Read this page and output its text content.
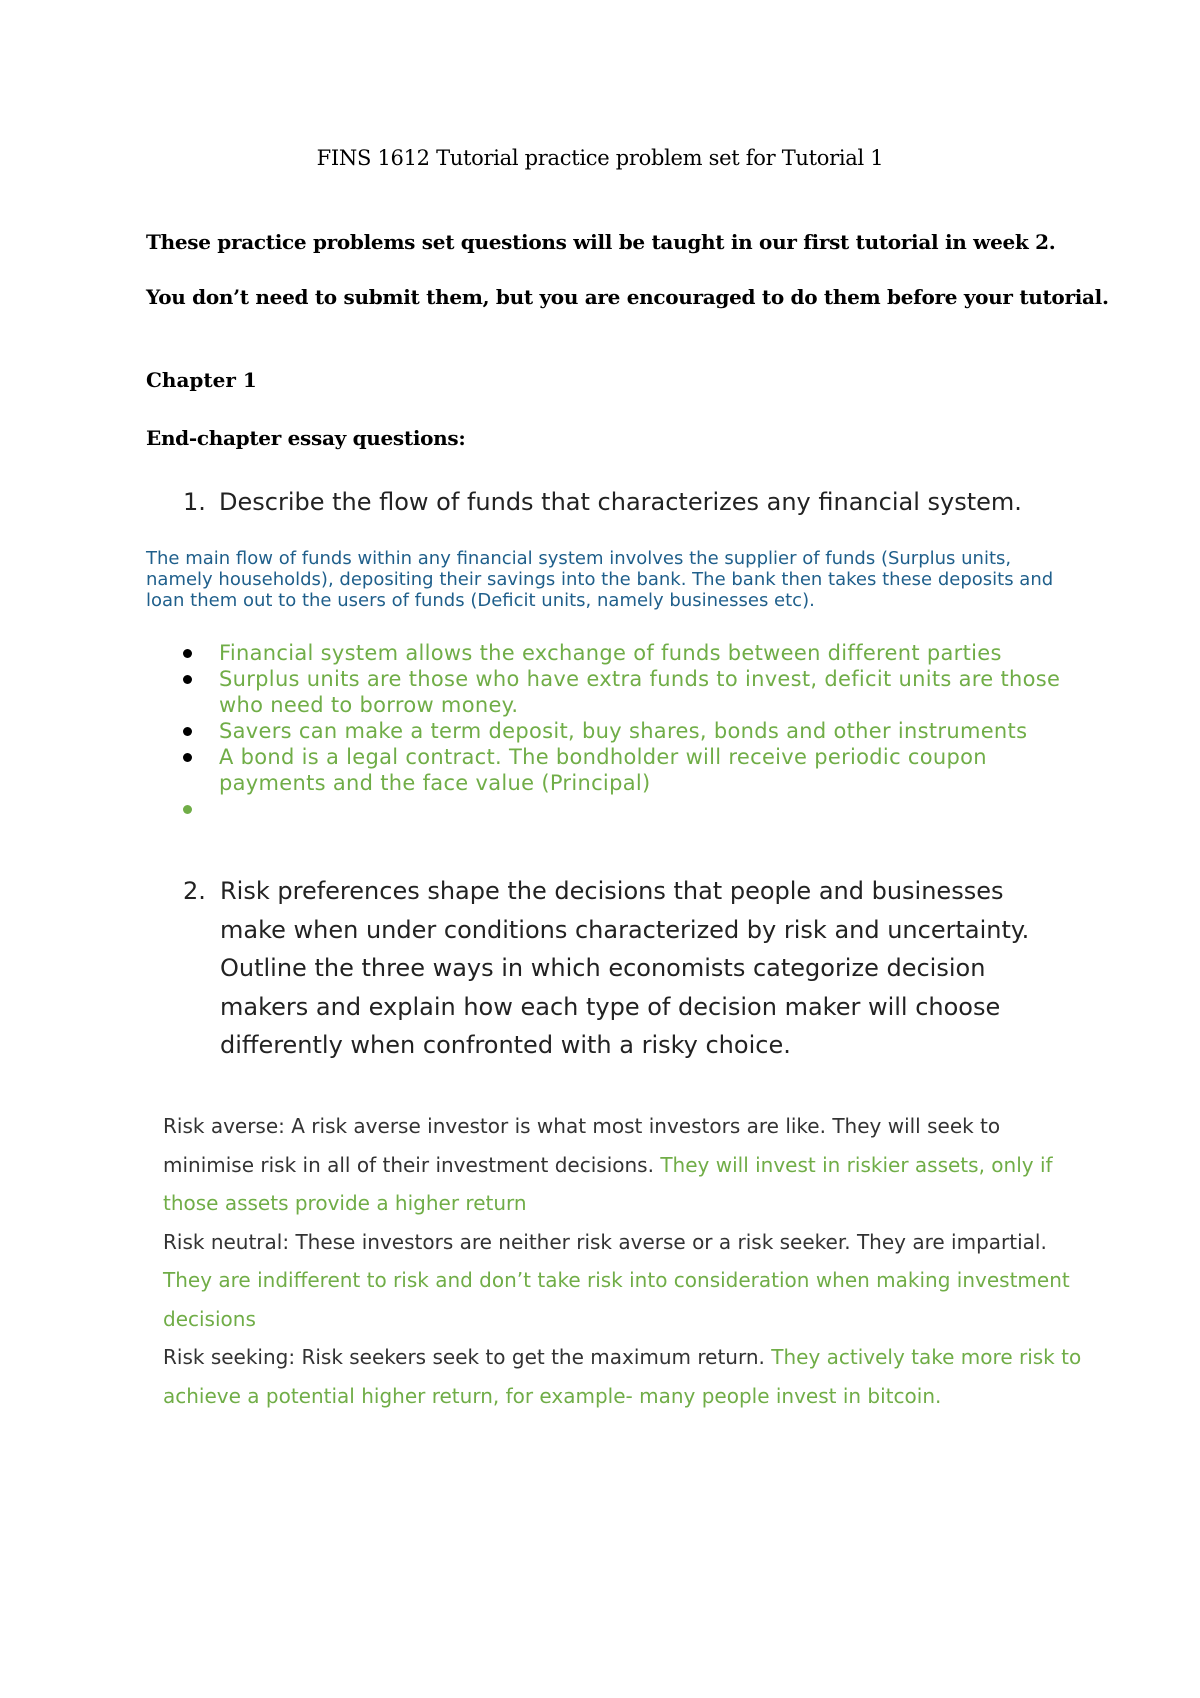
FINS 1612 Tutorial practice problem set for Tutorial 1
These practice problems set questions will be taught in our first tutorial in week 2.
You don’t need to submit them, but you are encouraged to do them before your tutorial.
Chapter 1
End-chapter essay questions:
1. Describe the flow of funds that characterizes any financial system.
The main flow of funds within any financial system involves the supplier of funds (Surplus units, namely households), depositing their savings into the bank. The bank then takes these deposits and loan them out to the users of funds (Deficit units, namely businesses etc).
Financial system allows the exchange of funds between different parties
Surplus units are those who have extra funds to invest, deficit units are those who need to borrow money.
Savers can make a term deposit, buy shares, bonds and other instruments
A bond is a legal contract. The bondholder will receive periodic coupon payments and the face value (Principal)
2. Risk preferences shape the decisions that people and businesses make when under conditions characterized by risk and uncertainty. Outline the three ways in which economists categorize decision makers and explain how each type of decision maker will choose differently when confronted with a risky choice.
Risk averse: A risk averse investor is what most investors are like. They will seek to minimise risk in all of their investment decisions. They will invest in riskier assets, only if those assets provide a higher return
Risk neutral: These investors are neither risk averse or a risk seeker. They are impartial. They are indifferent to risk and don’t take risk into consideration when making investment decisions
Risk seeking: Risk seekers seek to get the maximum return. They actively take more risk to achieve a potential higher return, for example- many people invest in bitcoin.
